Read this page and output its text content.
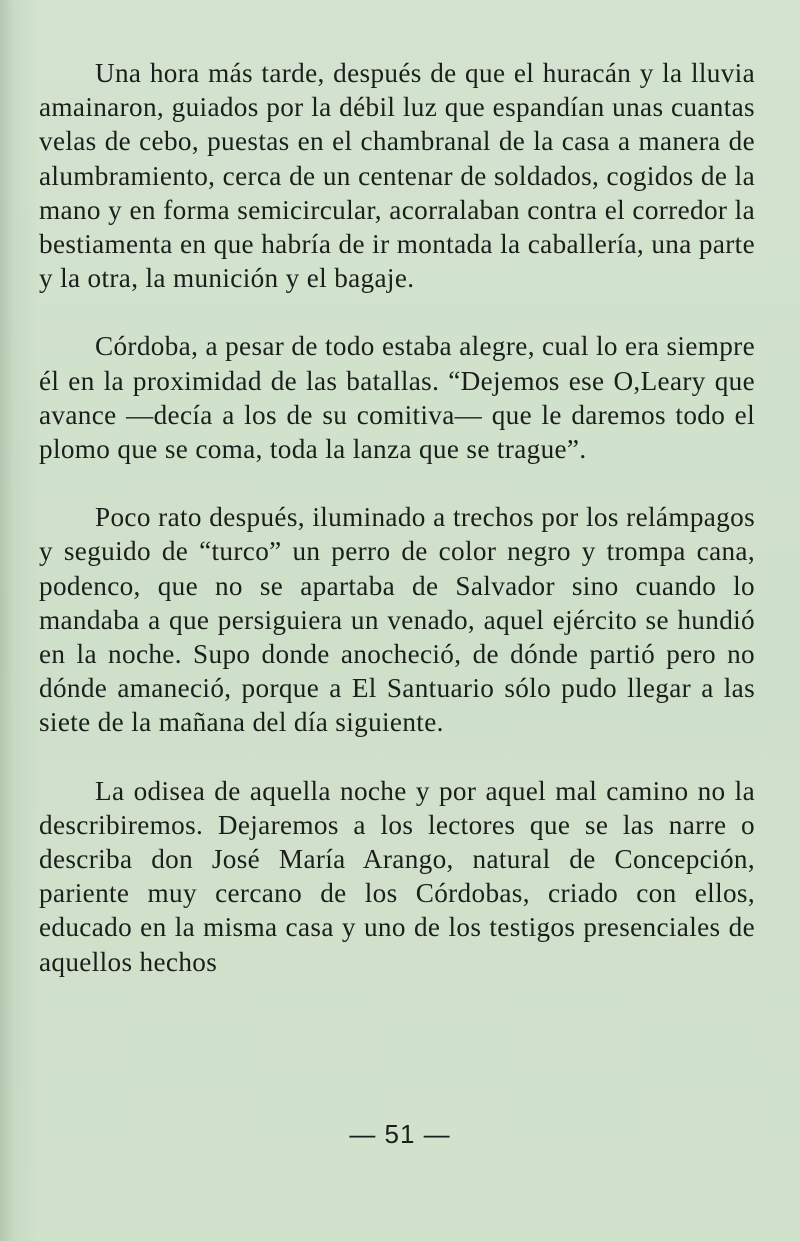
Una hora más tarde, después de que el huracán y la lluvia amainaron, guiados por la débil luz que espandían unas cuantas velas de cebo, puestas en el chambranal de la casa a manera de alumbramiento, cerca de un centenar de soldados, cogidos de la mano y en forma semicircular, acorralaban contra el corredor la bestiamenta en que habría de ir montada la caballería, una parte y la otra, la munición y el bagaje.

Córdoba, a pesar de todo estaba alegre, cual lo era siempre él en la proximidad de las batallas. “Dejemos ese O,Leary que avance —decía a los de su comitiva— que le daremos todo el plomo que se coma, toda la lanza que se trague”.

Poco rato después, iluminado a trechos por los relámpagos y seguido de “turco” un perro de color negro y trompa cana, podenco, que no se apartaba de Salvador sino cuando lo mandaba a que persiguiera un venado, aquel ejército se hundió en la noche. Supo donde anocheció, de dónde partió pero no dónde amaneció, porque a El Santuario sólo pudo llegar a las siete de la mañana del día siguiente.

La odisea de aquella noche y por aquel mal camino no la describiremos. Dejaremos a los lectores que se las narre o describa don José María Arango, natural de Concepción, pariente muy cercano de los Córdobas, criado con ellos, educado en la misma casa y uno de los testigos presenciales de aquellos hechos

— 51 —
